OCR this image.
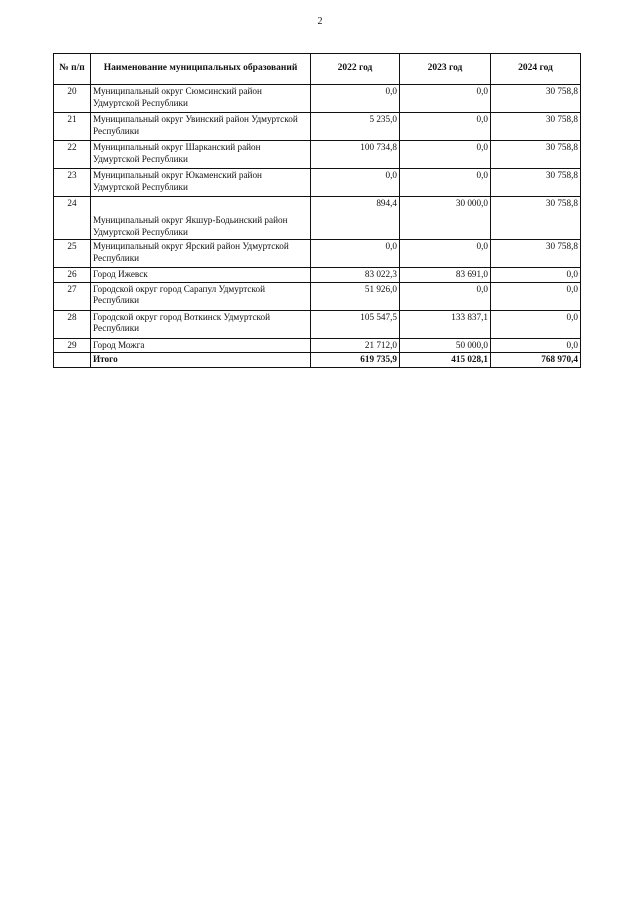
2
№ п/п	Наименование муниципальных образований	2022 год	2023 год	2024 год
20	Муниципальный округ Сюмсинский район Удмуртской Республики	0,0	0,0	30 758,8
21	Муниципальный округ Увинский район Удмуртской Республики	5 235,0	0,0	30 758,8
22	Муниципальный округ Шарканский район Удмуртской Республики	100 734,8	0,0	30 758,8
23	Муниципальный округ Юкаменский район Удмуртской Республики	0,0	0,0	30 758,8
24	Муниципальный округ Якшур-Бодьинский район Удмуртской Республики	894,4	30 000,0	30 758,8
25	Муниципальный округ Ярский район Удмуртской Республики	0,0	0,0	30 758,8
26	Город Ижевск	83 022,3	83 691,0	0,0
27	Городской округ город Сарапул Удмуртской Республики	51 926,0	0,0	0,0
28	Городской округ город Воткинск Удмуртской Республики	105 547,5	133 837,1	0,0
29	Город Можга	21 712,0	50 000,0	0,0
	Итого	619 735,9	415 028,1	768 970,4
